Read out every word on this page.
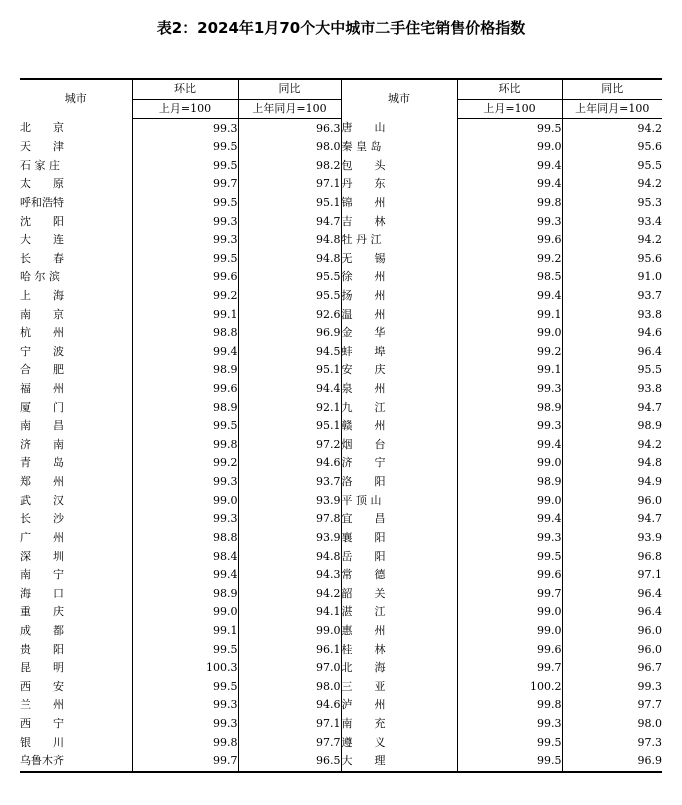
表2：2024年1月70个大中城市二手住宅销售价格指数
城市	环比	同比	城市	环比	同比
	上月=100	上年同月=100		上月=100	上年同月=100
北　　京	99.3	96.3	唐　　山	99.5	94.2
天　　津	99.5	98.0	秦 皇 岛	99.0	95.6
石 家 庄	99.5	98.2	包　　头	99.4	95.5
太　　原	99.7	97.1	丹　　东	99.4	94.2
呼和浩特	99.5	95.1	锦　　州	99.8	95.3
沈　　阳	99.3	94.7	吉　　林	99.3	93.4
大　　连	99.3	94.8	牡 丹 江	99.6	94.2
长　　春	99.5	94.8	无　　锡	99.2	95.6
哈 尔 滨	99.6	95.5	徐　　州	98.5	91.0
上　　海	99.2	95.5	扬　　州	99.4	93.7
南　　京	99.1	92.6	温　　州	99.1	93.8
杭　　州	98.8	96.9	金　　华	99.0	94.6
宁　　波	99.4	94.5	蚌　　埠	99.2	96.4
合　　肥	98.9	95.1	安　　庆	99.1	95.5
福　　州	99.6	94.4	泉　　州	99.3	93.8
厦　　门	98.9	92.1	九　　江	98.9	94.7
南　　昌	99.5	95.1	赣　　州	99.3	98.9
济　　南	99.8	97.2	烟　　台	99.4	94.2
青　　岛	99.2	94.6	济　　宁	99.0	94.8
郑　　州	99.3	93.7	洛　　阳	98.9	94.9
武　　汉	99.0	93.9	平 顶 山	99.0	96.0
长　　沙	99.3	97.8	宜　　昌	99.4	94.7
广　　州	98.8	93.9	襄　　阳	99.3	93.9
深　　圳	98.4	94.8	岳　　阳	99.5	96.8
南　　宁	99.4	94.3	常　　德	99.6	97.1
海　　口	98.9	94.2	韶　　关	99.7	96.4
重　　庆	99.0	94.1	湛　　江	99.0	96.4
成　　都	99.1	99.0	惠　　州	99.0	96.0
贵　　阳	99.5	96.1	桂　　林	99.6	96.0
昆　　明	100.3	97.0	北　　海	99.7	96.7
西　　安	99.5	98.0	三　　亚	100.2	99.3
兰　　州	99.3	94.6	泸　　州	99.8	97.7
西　　宁	99.3	97.1	南　　充	99.3	98.0
银　　川	99.8	97.7	遵　　义	99.5	97.3
乌鲁木齐	99.7	96.5	大　　理	99.5	96.9
